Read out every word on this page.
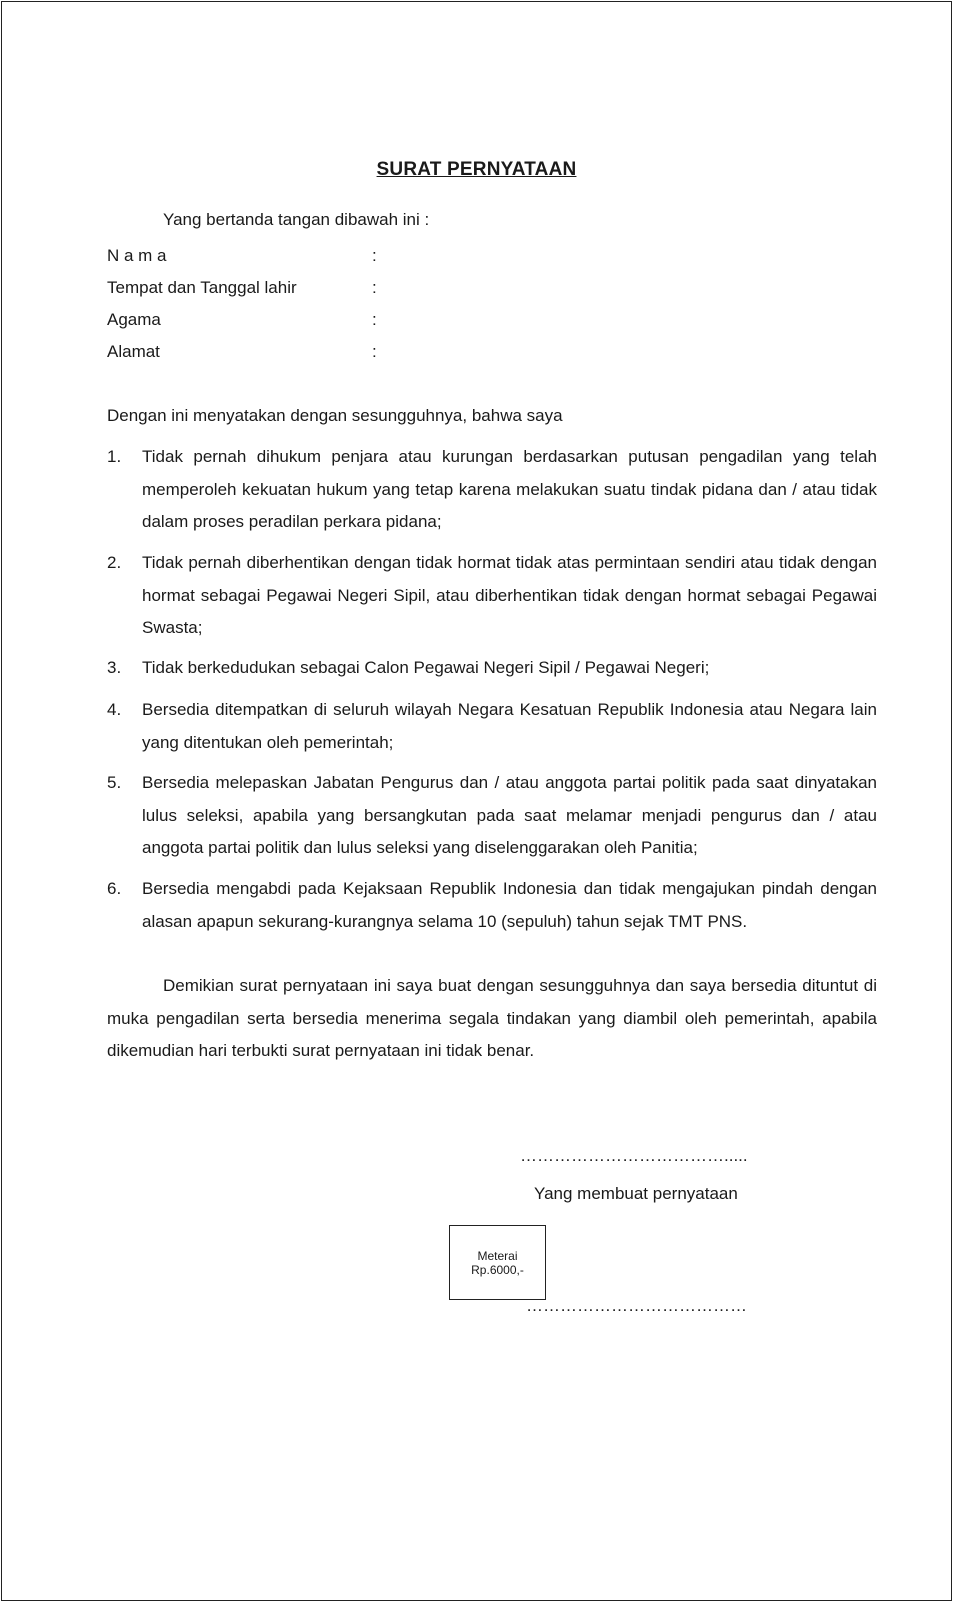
SURAT PERNYATAAN
Yang bertanda tangan dibawah ini :
N a m a	:
Tempat dan Tanggal lahir	:
Agama	:
Alamat	:
Dengan ini menyatakan dengan sesungguhnya, bahwa saya
1. Tidak pernah dihukum penjara atau kurungan berdasarkan putusan pengadilan yang telah memperoleh kekuatan hukum yang tetap karena melakukan suatu tindak pidana dan / atau tidak dalam proses peradilan perkara pidana;
2. Tidak pernah diberhentikan dengan tidak hormat tidak atas permintaan sendiri atau tidak dengan hormat sebagai Pegawai Negeri Sipil, atau diberhentikan tidak dengan hormat sebagai Pegawai Swasta;
3. Tidak berkedudukan sebagai Calon Pegawai Negeri Sipil / Pegawai Negeri;
4. Bersedia ditempatkan di seluruh wilayah Negara Kesatuan Republik Indonesia atau Negara lain yang ditentukan oleh pemerintah;
5. Bersedia melepaskan Jabatan Pengurus dan / atau anggota partai politik pada saat dinyatakan lulus seleksi, apabila yang bersangkutan pada saat melamar menjadi pengurus dan / atau anggota partai politik dan lulus seleksi yang diselenggarakan oleh Panitia;
6. Bersedia mengabdi pada Kejaksaan Republik Indonesia dan tidak mengajukan pindah dengan alasan apapun sekurang-kurangnya selama 10 (sepuluh) tahun sejak TMT PNS.
Demikian surat pernyataan ini saya buat dengan sesungguhnya dan saya bersedia dituntut di muka pengadilan serta bersedia menerima segala tindakan yang diambil oleh pemerintah, apabila dikemudian hari terbukti surat pernyataan ini tidak benar.
……………………………….....
Yang membuat pernyataan
Meterai
Rp.6000,-
…………………………………
